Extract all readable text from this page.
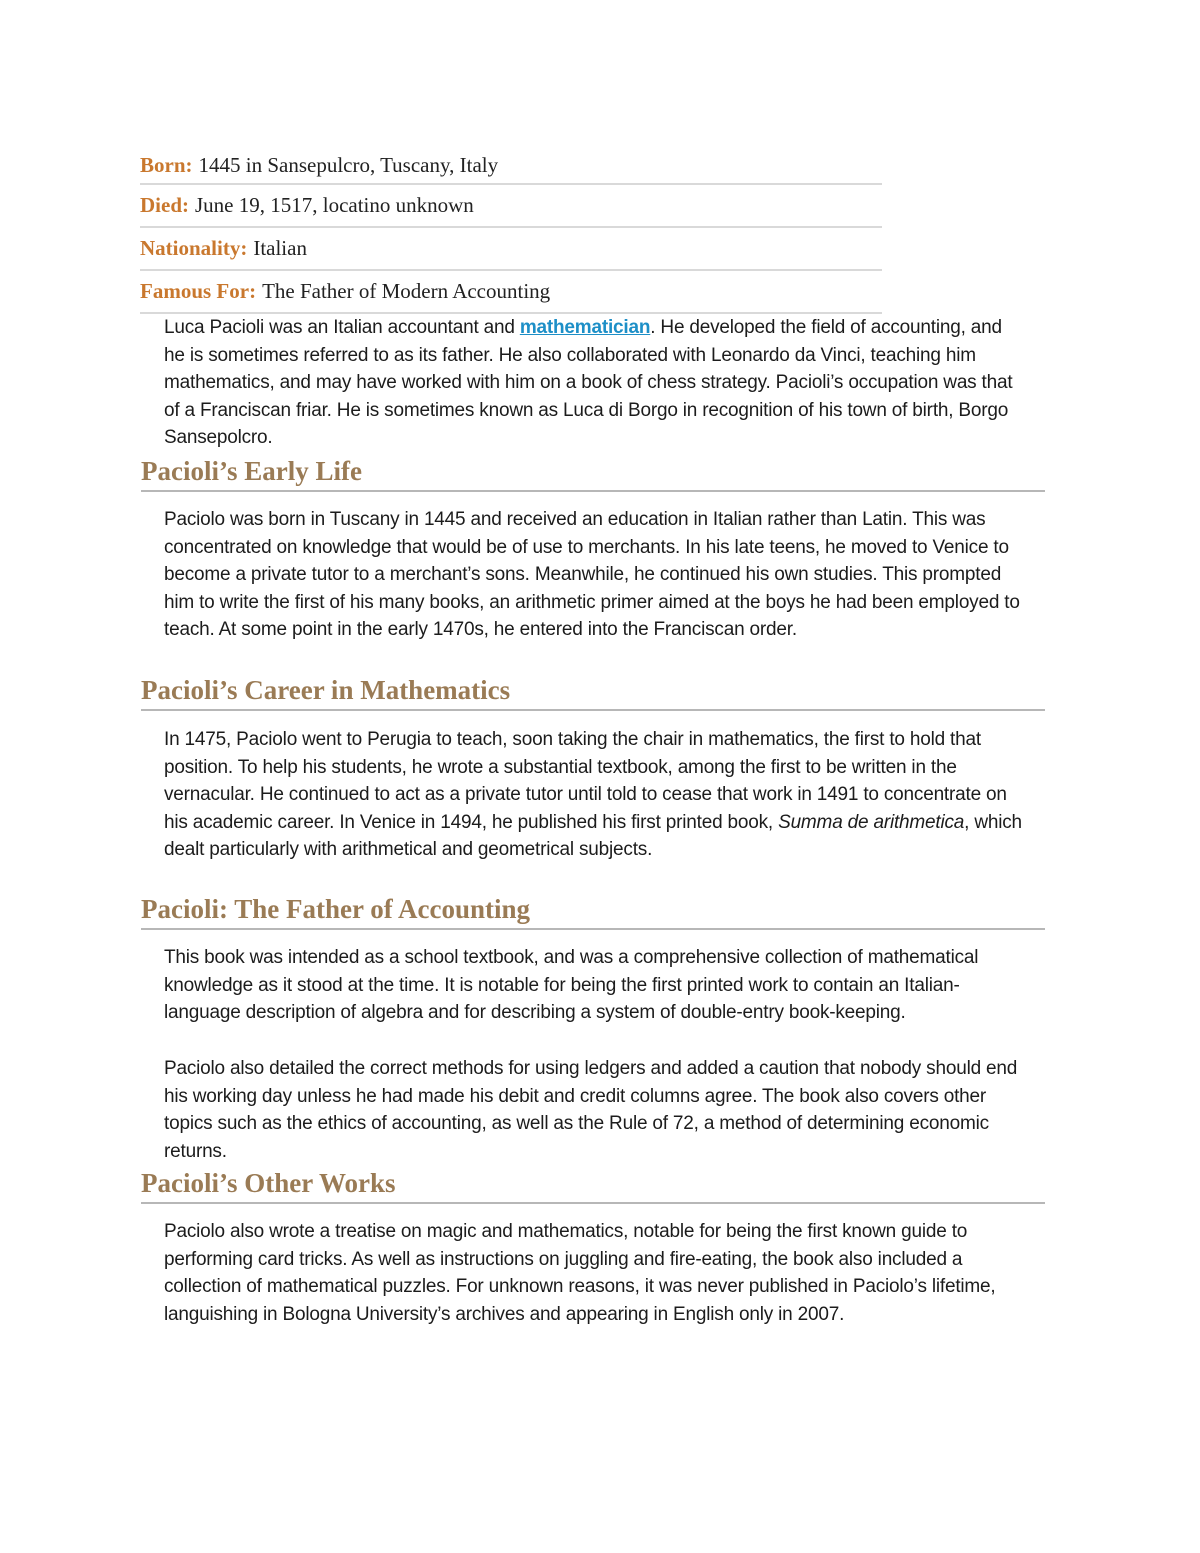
Born: 1445 in Sansepulcro, Tuscany, Italy
Died: June 19, 1517, locatino unknown
Nationality: Italian
Famous For: The Father of Modern Accounting

Luca Pacioli was an Italian accountant and mathematician. He developed the field of accounting, and he is sometimes referred to as its father. He also collaborated with Leonardo da Vinci, teaching him mathematics, and may have worked with him on a book of chess strategy. Pacioli’s occupation was that of a Franciscan friar. He is sometimes known as Luca di Borgo in recognition of his town of birth, Borgo Sansepolcro.

Pacioli’s Early Life

Paciolo was born in Tuscany in 1445 and received an education in Italian rather than Latin. This was concentrated on knowledge that would be of use to merchants. In his late teens, he moved to Venice to become a private tutor to a merchant’s sons. Meanwhile, he continued his own studies. This prompted him to write the first of his many books, an arithmetic primer aimed at the boys he had been employed to teach. At some point in the early 1470s, he entered into the Franciscan order.

Pacioli’s Career in Mathematics

In 1475, Paciolo went to Perugia to teach, soon taking the chair in mathematics, the first to hold that position. To help his students, he wrote a substantial textbook, among the first to be written in the vernacular. He continued to act as a private tutor until told to cease that work in 1491 to concentrate on his academic career. In Venice in 1494, he published his first printed book, Summa de arithmetica, which dealt particularly with arithmetical and geometrical subjects.

Pacioli: The Father of Accounting

This book was intended as a school textbook, and was a comprehensive collection of mathematical knowledge as it stood at the time. It is notable for being the first printed work to contain an Italian-language description of algebra and for describing a system of double-entry book-keeping.

Paciolo also detailed the correct methods for using ledgers and added a caution that nobody should end his working day unless he had made his debit and credit columns agree. The book also covers other topics such as the ethics of accounting, as well as the Rule of 72, a method of determining economic returns.

Pacioli’s Other Works

Paciolo also wrote a treatise on magic and mathematics, notable for being the first known guide to performing card tricks. As well as instructions on juggling and fire-eating, the book also included a collection of mathematical puzzles. For unknown reasons, it was never published in Paciolo’s lifetime, languishing in Bologna University’s archives and appearing in English only in 2007.
